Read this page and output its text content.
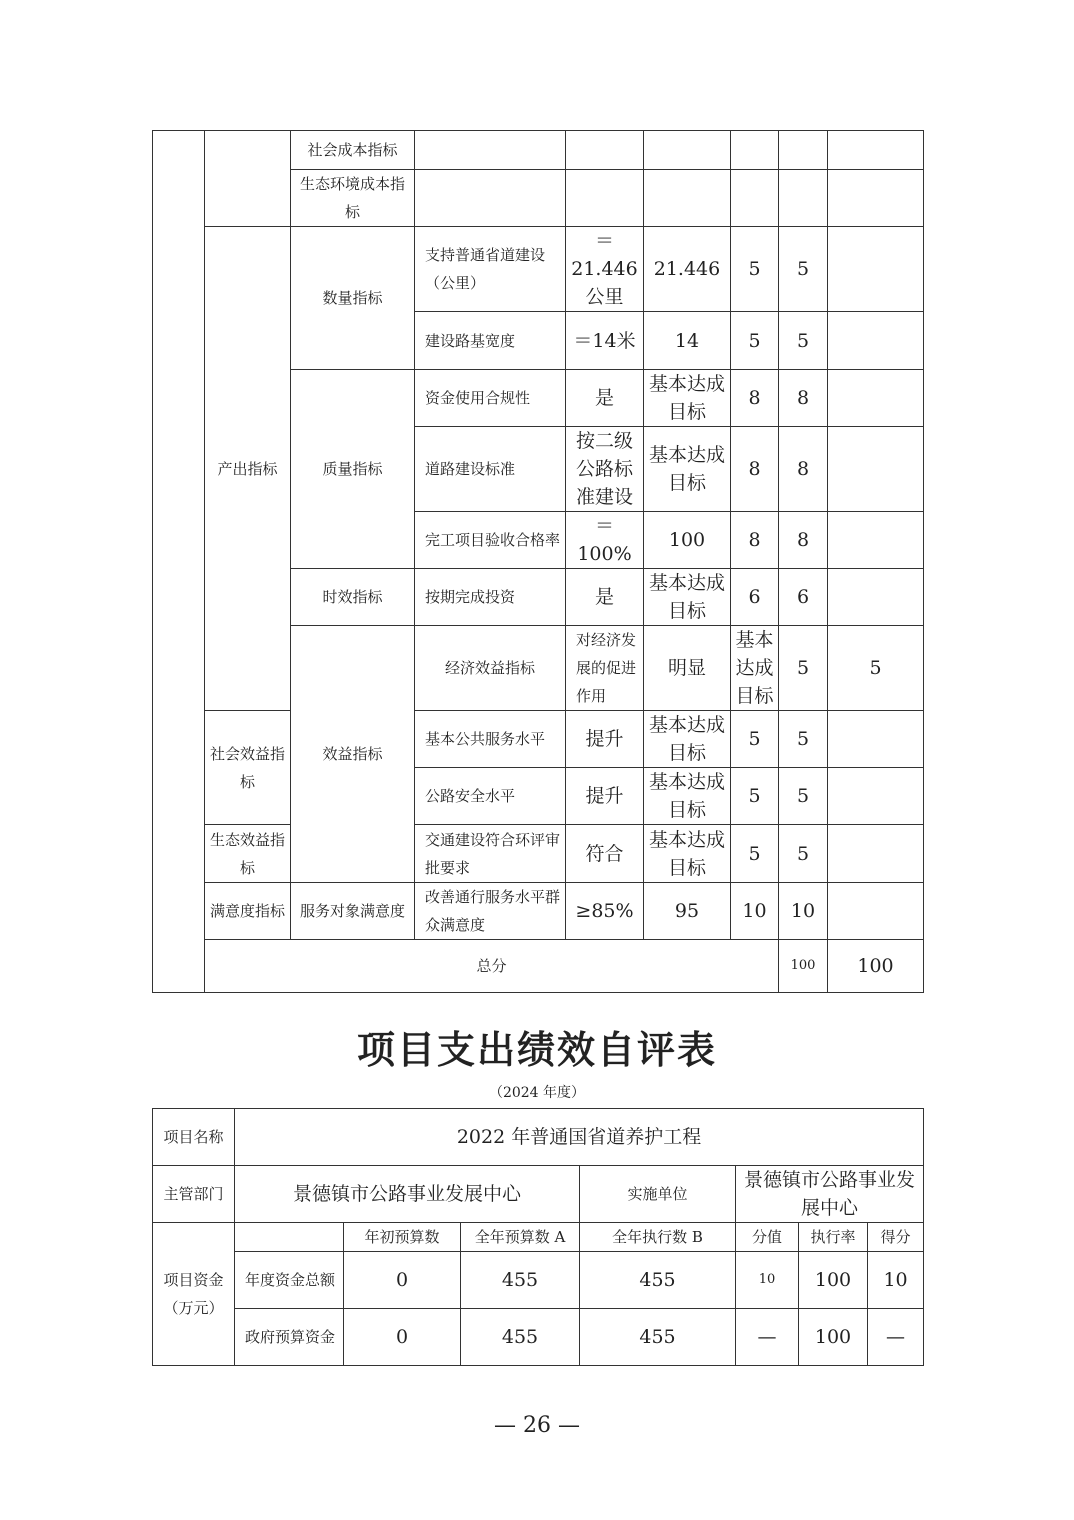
		社会成本指标							
		生态环境成本指标							
	产出指标	数量指标	支持普通省道建设（公里）	＝21.446公里	21.446	5	5		
			建设路基宽度	＝14米	14	5	5		
		质量指标	资金使用合规性	是	基本达成目标	8	8		
			道路建设标准	按二级公路标准建设	基本达成目标	8	8		
			完工项目验收合格率	＝100%	100	8	8		
		时效指标	按期完成投资	是	基本达成目标	6	6		
		效益指标	经济效益指标	对经济发展的促进作用	明显	基本达成目标	5	5	
	社会效益指标		基本公共服务水平	提升	基本达成目标	5	5		
			公路安全水平	提升	基本达成目标	5	5		
	生态效益指标		交通建设符合环评审批要求	符合	基本达成目标	5	5		
	满意度指标	服务对象满意度	改善通行服务水平群众满意度	≥85%	95	10	10		
	总分						100	100	
项目支出绩效自评表
（2024 年度）
项目名称	2022 年普通国省道养护工程						
主管部门	景德镇市公路事业发展中心			实施单位	景德镇市公路事业发展中心		
项目资金（万元）		年初预算数	全年预算数 A	全年执行数 B	分值	执行率	得分
	年度资金总额	0	455	455	10	100	10
	政府预算资金	0	455	455	—	100	—
— 26 —
